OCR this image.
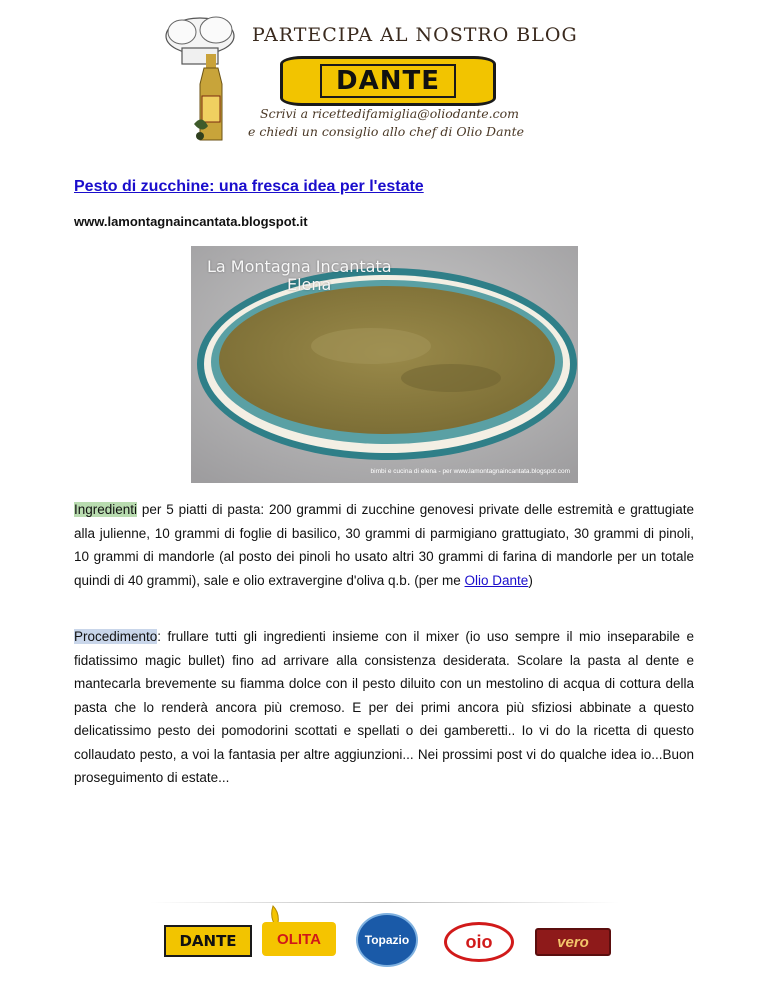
PARTECIPA AL NOSTRO BLOG
DANTE
Scrivi a ricettedifamiglia@oliodante.com
e chiedi un consiglio allo chef di Olio Dante
Pesto di zucchine: una fresca idea per l'estate
www.lamontagnaincantata.blogspot.it
La Montagna Incantata
Elena
bimbi e cucina di elena - per www.lamontagnaincantata.blogspot.com
Ingredienti per 5 piatti di pasta: 200 grammi di zucchine genovesi private delle estremità e grattugiate alla julienne, 10 grammi di foglie di basilico, 30 grammi di parmigiano grattugiato, 30 grammi di pinoli, 10 grammi di mandorle (al posto dei pinoli ho usato altri 30 grammi di farina di mandorle per un totale quindi di 40 grammi), sale e olio extravergine d'oliva q.b. (per me Olio Dante)
Procedimento: frullare tutti gli ingredienti insieme con il mixer (io uso sempre il mio inseparabile e fidatissimo magic bullet) fino ad arrivare alla consistenza desiderata. Scolare la pasta al dente e mantecarla brevemente su fiamma dolce con il pesto diluito con un mestolino di acqua di cottura della pasta che lo renderà ancora più cremoso. E per dei primi ancora più sfiziosi abbinate a questo delicatissimo pesto dei pomodorini scottati e spellati o dei gamberetti.. Io vi do la ricetta di questo collaudato pesto, a voi la fantasia per altre aggiunzioni... Nei prossimi post vi do qualche idea io...Buon proseguimento di estate...
DANTE	OLITA	Topazio	oio	vero
